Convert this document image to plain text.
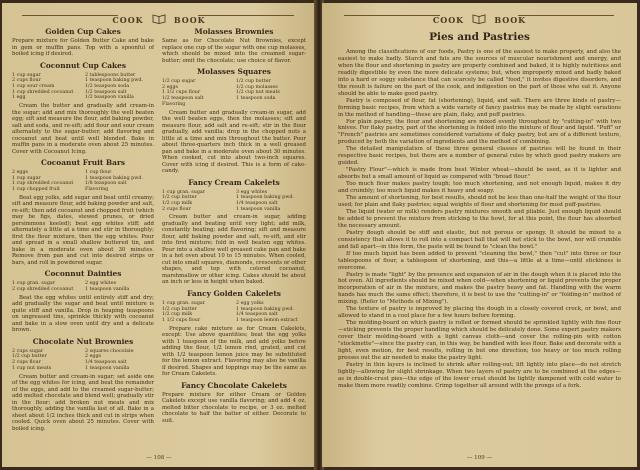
COOK	BOOK
Golden Cup Cakes

Prepare mixture for Golden Butter Cake and bake in gem or muffin pans. Top with a spoonful of boiled icing if desired.

Coconnut Cup Cakes
1 cup sugar	2 tablespoons butter
2 cups flour	1 teaspoon baking pwd.
1 cup sour cream	1/2 teaspoon soda
1 cup shredded cocoanut	1/2 teaspoon salt
1 egg	1/2 teaspoon vanilla

Cream the butter and gradually add cream-in the sugar; add and mix thoroughly the well beaten egg; sift and measure the flour, add baking powder, salt and soda, and re-sift; add flour and sour cream alternately to the sugar-butter; add flavoring and cocoanut and beat until well blended. Bake in muffin pans in a moderate oven about 25 minutes. Cover with Cocoanut Icing.

Cocoanut Fruit Bars
2 eggs	1 cup flour
1 cup sugar	1 teaspoon baking pwd.
1 cup shredded cocoanut	1/8 teaspoon salt
1 cup chopped fruit	Flavoring

Beat egg yolks, add sugar and beat until creamy; sift and measure flour, add baking powder and salt, re-sift; then add cocoanut and chopped fruit (which may be figs, dates, stewed prunes, or dried persimmons keeled); beat egg whites stiff; add alternately a little at a time and stir in thoroughly; first the flour mixture, then the egg whites. Pour and spread in a small shallow buttered tin, and bake in a moderate oven about 30 minutes. Remove from pan and cut into desired strips or bars, and roll in powdered sugar.

Coconnut Dainties
1 cup gran. sugar	2 egg whites
2 cup shredded cocoanut	1 teaspoon vanilla

Beat the egg whites until entirely stiff and dry; add gradually the sugar and beat until mixture is quite stiff and vanilla. Drop in heaping teaspoons on ungreased tins, sprinkle thickly with cocoanut and bake in a slow oven until dry and a delicate brown.

Chocolate Nut Brownies
2 cups sugar	2 squares chocolate
1/2 cup butter	2 eggs
2 cups flour	1/4 teaspoon salt
1 cup nut meats	1 teaspoon vanilla

Cream butter and cream-in sugar; set aside one of the egg whites for icing, and beat the remainder of the eggs, and add to the creamed sugar-butter; add melted chocolate and blend well; gradually stir in the flour; add broken nut meats and mix thoroughly, adding the vanilla last of all. Bake in a sheet about 1/2 inches thick and cut in strips when cooled. Quick oven about 25 minutes. Cover with boiled icing.

Molasses Brownies

Same as for Chocolate Nut Brownies, except replace one cup of the sugar with one cup molasses, which should be mixed into the creamed sugar-butter; omit the chocolate; use choice of flavor.

Molasses Squares
1/2 cup sugar	1/2 cup butter
2 eggs	1/2 cup molasses
1 1/2 cups flour	1/2 cup nut meats
1/2 teaspoon salt	1 teaspoon soda
Flavoring

Cream butter and gradually cream-in sugar, add the well beaten eggs, then the molasses; sift and measure flour, add salt and re-sift; stir in the flour gradually, add vanilla; drop in the chopped nuts a little at a time and mix throughout the batter. Pour about three-quarters inch thick in a well greased pan and bake in a moderate oven about 30 minutes. When cooked, cut into about two-inch squares. Cover with icing if desired. This is a form of cake-candy.

Fancy Cream Cakelets
1 cup gran. sugar	3 egg whites
1/2 cup butter	1 teaspoon baking pwd.
1/2 cup milk	1/4 teaspoon salt
2 cups flour	1 teaspoon vanilla

Cream butter and cream-in sugar, adding gradually and beating until very light; add milk, constantly beating; add flavoring; sift and measure flour, add baking powder and salt, re-sift, and stir into first mixture; fold in well beaten egg whites. Pour into a shallow well greased cake pan and bake in a hot oven about 10 to 15 minutes. When cooled, cut into small squares, diamonds, crescents or other shapes, and top with colored cocoanut, marshmallow or other icing. Cakes should be about an inch or less in height when baked.

Fancy Golden Cakelets
1 cup gran. sugar	2 egg yolks
1/2 cup butter	1 teaspoon baking pwd.
1/2 cup milk	1/4 teaspoon salt
1 1/2 cups flour	1 teaspoon lemon extract

Prepare cake mixture as for Cream Cakelets, except: Use above quantities; beat the egg yolks with 1 teaspoon of the milk, and add yolks before adding the flour, 1/2 lemon rind, grated, and cut with 1/2 teaspoon lemon juice may be substituted for the lemon extract. Flavoring may also be vanilla if desired. Shapes and toppings may be the same as for Cream Cakelets.

Fancy Chocolate Cakelets

Prepare mixture for either Cream or Golden Cakelets except use vanilla flavoring; and add 4 oz. melted bitter chocolate to recipe, or 3 oz. melted chocolate to half the batter of either. Decorate to suit.

— 108 —
COOK	BOOK
Pies and Pastries

Among the classifications of our foods, Pastry is one of the easiest to make properly, and also the easiest to make badly. Starch and fats are the sources of muscular nourishment and energy, and when the flour and shortening in pastry are properly combined and baked, it is highly nutritious and readily digestible by even the more delicate systems; but, when improperly mixed and badly baked into a hard or soggy substance that can scarcely be called "food," it invites digestive disorders, and the result is failure on the part of the cook, and indigestion on the part of those who eat it. Anyone should be able to make good pastry.

Pastry is composed of flour, fat (shortening), liquid, and salt. There are three kinds of pastry—forming basic recipes, from which a wide variety of fancy pastries may be made by slight variations in the method of handling—these are plain, flaky, and puff pastries.

For plain pastry, the flour and shortening are mixed evenly throughout by "cutting-in" with two knives. For flaky pastry, part of the shortening is folded into the mixture of flour and liquid. "Puff" or "French" pastries are sometimes considered variations of flaky pastry, but are of a different texture, produced by both the variation of ingredients and the method of combining.

The detailed manipulation of these three general classes of pastries will be found in their respective basic recipes, but there are a number of general rules by which good pastry makers are guided.

"Pastry Flour"—which is made from best Winter wheat—should be used, as it is lighter and absorbs but a small amount of liquid as compared with "bread flour."

Too much flour makes pastry tough; too much shortening, and not enough liquid, makes it dry and crumbly; too much liquid makes it heavy and soapy.

The amount of shortening, for best results, should not be less than one-half the weight of the flour used; for plain and flaky pastries; equal weights of flour and shortening for most puff-pastries.

The liquid (water or milk) renders pastry mixtures smooth and pliable. Just enough liquid should be added to prevent the mixture from sticking to the bowl, for at this point, the flour has absorbed the necessary amount.

Pastry dough should be stiff and elastic, but not porous or spongy. It should be mixed to a consistency that allows it to roll into a compact ball that will not stick to the bowl, nor will crumble and fall apart—in this form, the paste will be found to "clean the bowl."

If too much liquid has been added to prevent "cleaning the bowl," then "cut" into three or four tablespoons of flour, a tablespoon of shortening, and this—a little at a time—until stickiness is overcome.

Pastry is made "light" by the presence and expansion of air in the dough when it is placed into the hot oven. All ingredients should be mixed when cold—when shortening or liquid prevents the proper incorporation of air in the mixture, and makes the pastry heavy and fat. Handling with the warm hands has much the same effect; therefore, it is best to use the "cutting-in" or "folding-in" method of mixing. (Refer to "Methods of Mixing").

The texture of pastry is improved by placing the dough in a closely covered crock, or bowl, and allowed to stand in a cool place for a few hours before forming.

The molding-board on which pastry is rolled or formed should be sprinkled lightly with fine flour—sticking prevents the proper handling which should be delicately done. Some expert pastry makers cover their molding-board with a light canvas cloth—and cover the rolling-pin with cotton "stockinette"—since the pastry can, in this way, be handled with less flour. Bake and decorate with a light, even motion, for best results, rolling in but one direction; too heavy or too much rolling presses out the air needed to make the pastry light.

Pastry in thin layers is inclined to shrink after rolling-out; lift lightly into place—do not stretch lightly—allowing for slight shrinkage. When two layers of pastry are to be combined at the edges—as in double-crust pies—the edge of the lower crust should be lightly dampened with cold water to make them more readily combine. Crimp together all around with the prongs of a fork.

— 109 —
